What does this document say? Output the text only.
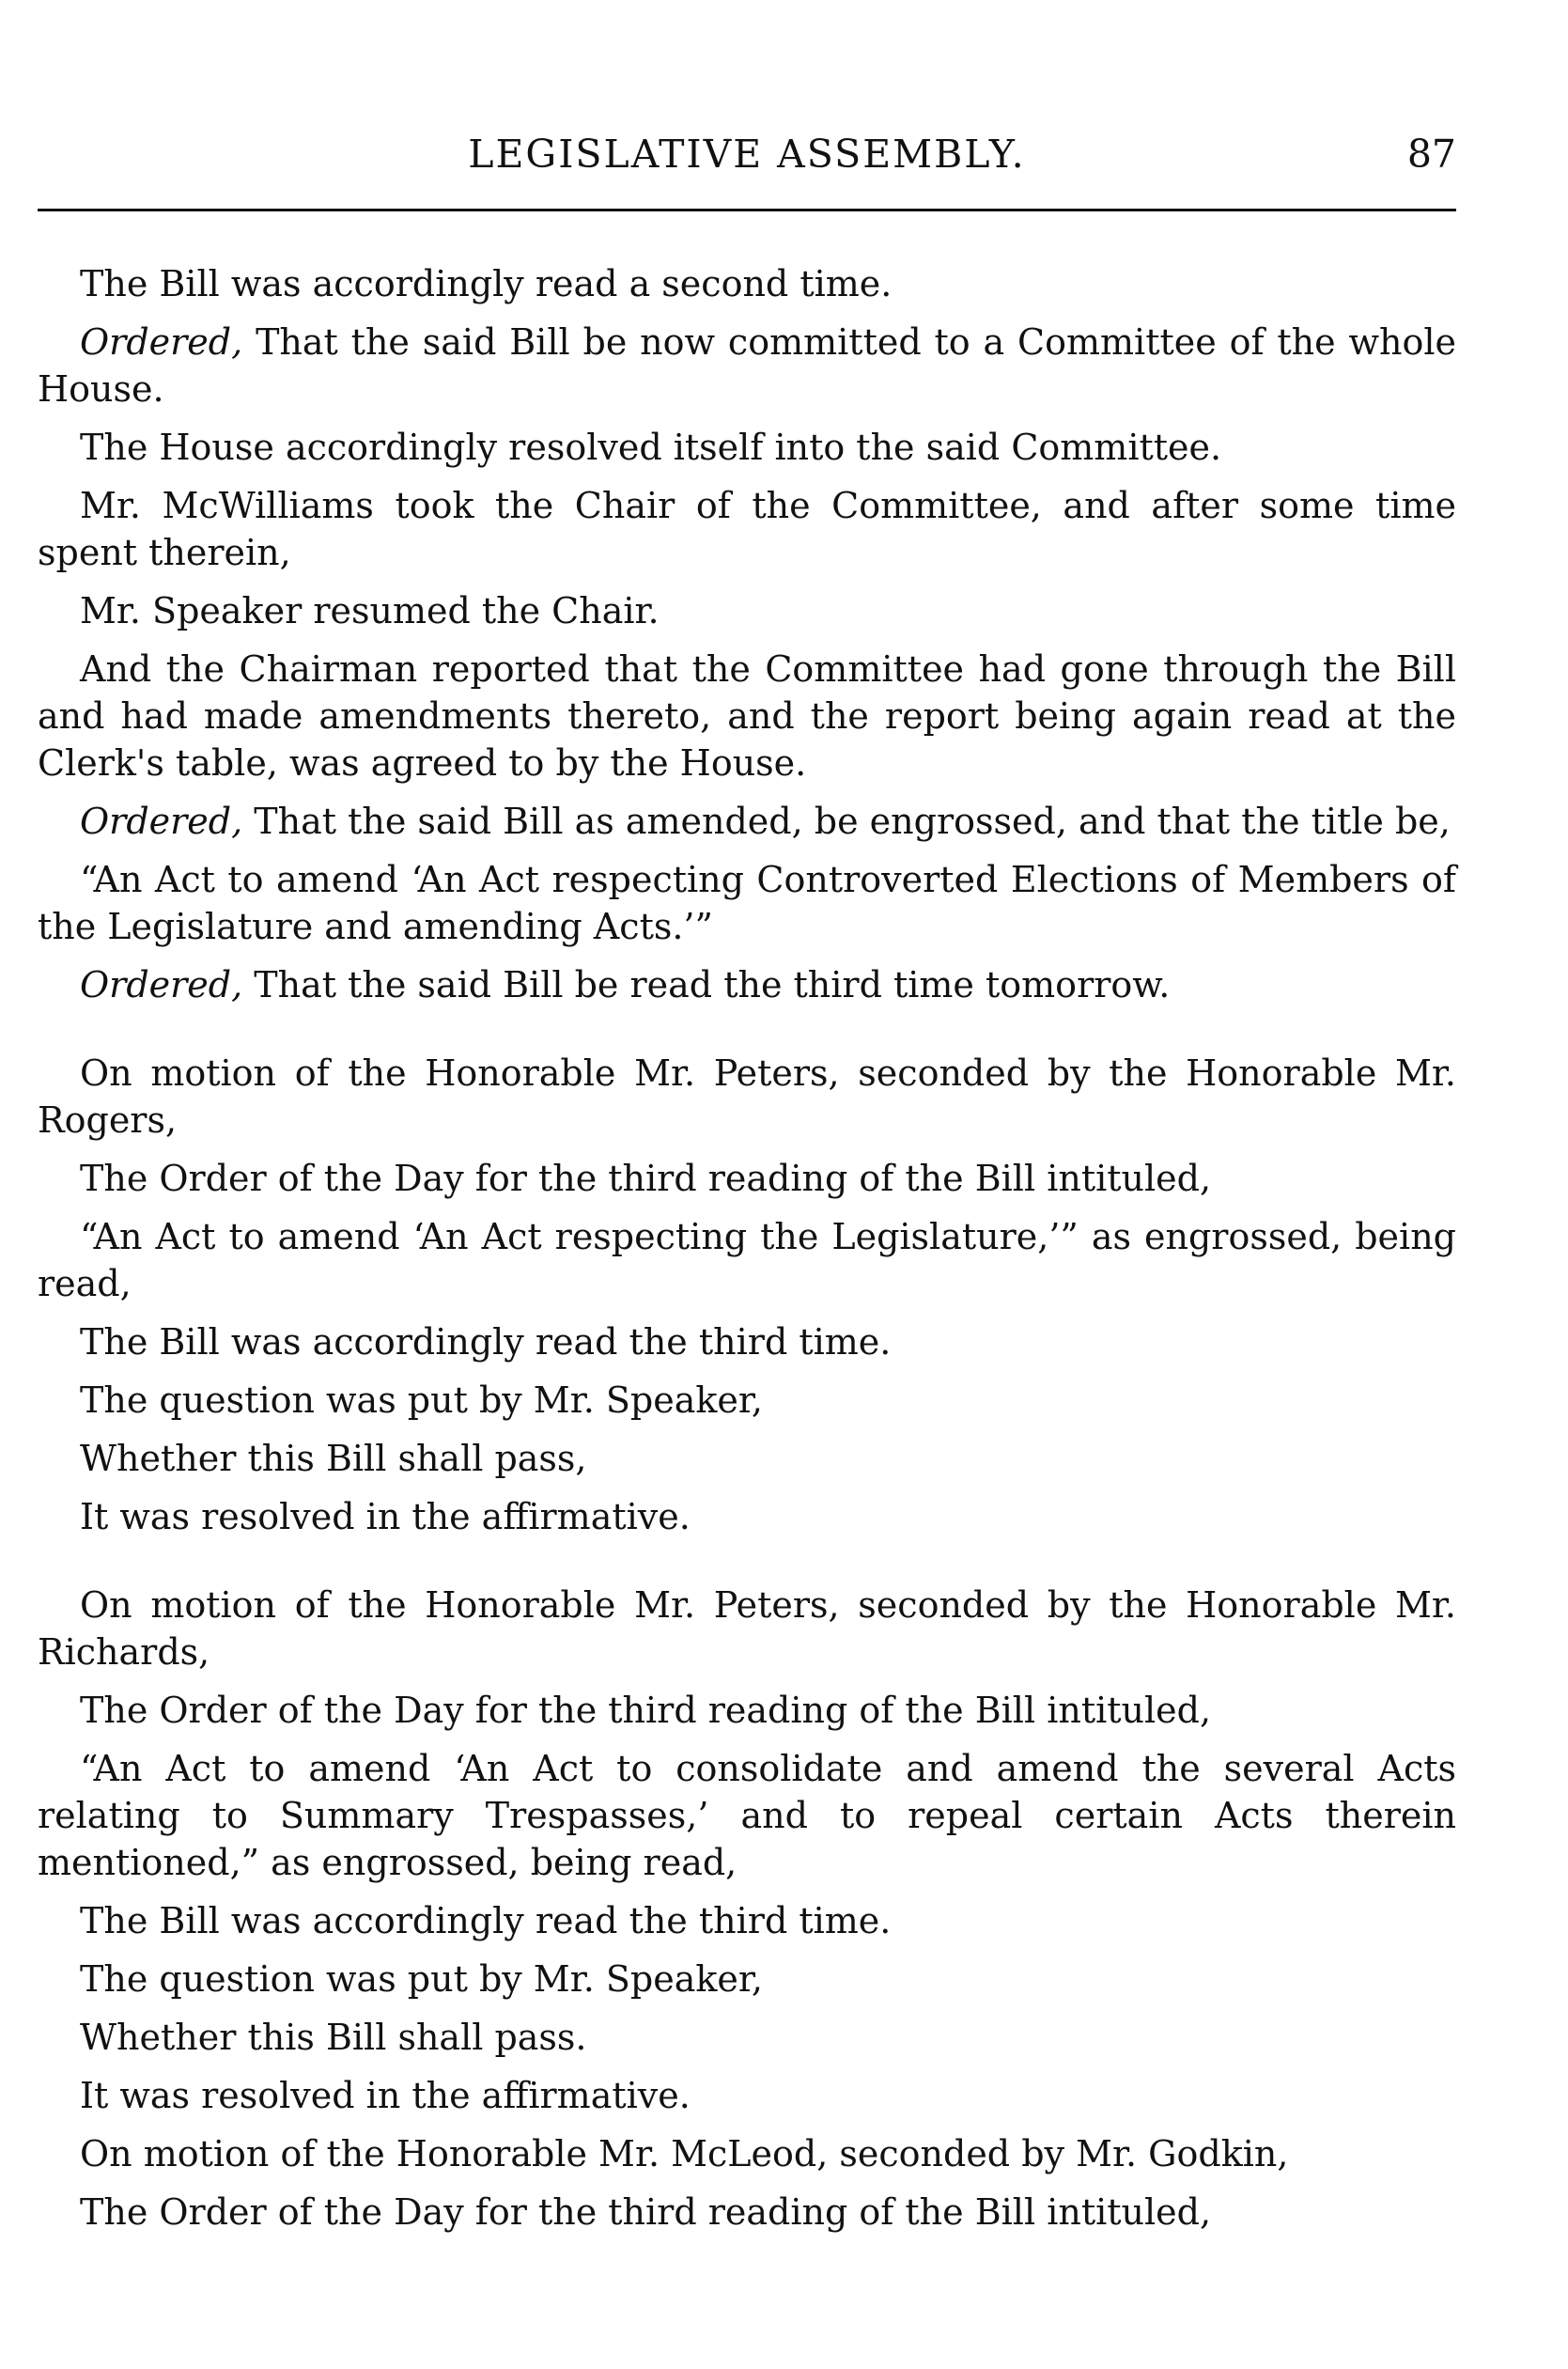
LEGISLATIVE ASSEMBLY.	87

The Bill was accordingly read a second time.

Ordered, That the said Bill be now committed to a Committee of the whole House.

The House accordingly resolved itself into the said Committee.

Mr. McWilliams took the Chair of the Committee, and after some time spent therein,

Mr. Speaker resumed the Chair.

And the Chairman reported that the Committee had gone through the Bill and had made amendments thereto, and the report being again read at the Clerk's table, was agreed to by the House.

Ordered, That the said Bill as amended, be engrossed, and that the title be,

“An Act to amend ‘An Act respecting Controverted Elections of Members of the Legislature and amending Acts.’”

Ordered, That the said Bill be read the third time tomorrow.

On motion of the Honorable Mr. Peters, seconded by the Honorable Mr. Rogers,

The Order of the Day for the third reading of the Bill intituled,

“An Act to amend ‘An Act respecting the Legislature,’” as engrossed, being read,

The Bill was accordingly read the third time.

The question was put by Mr. Speaker,

Whether this Bill shall pass,

It was resolved in the affirmative.

On motion of the Honorable Mr. Peters, seconded by the Honorable Mr. Richards,

The Order of the Day for the third reading of the Bill intituled,

“An Act to amend ‘An Act to consolidate and amend the several Acts relating to Summary Trespasses,’ and to repeal certain Acts therein mentioned,” as engrossed, being read,

The Bill was accordingly read the third time.

The question was put by Mr. Speaker,

Whether this Bill shall pass.

It was resolved in the affirmative.

On motion of the Honorable Mr. McLeod, seconded by Mr. Godkin,

The Order of the Day for the third reading of the Bill intituled,
